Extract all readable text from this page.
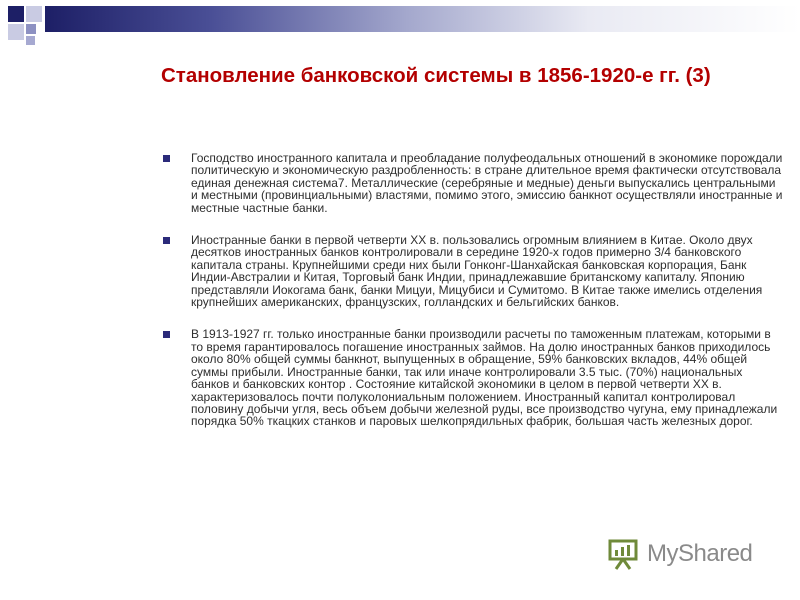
Становление банковской системы в 1856-1920-е гг. (3)
Господство иностранного капитала и преобладание полуфеодальных отношений в экономике порождали политическую и экономическую раздробленность: в стране длительное время фактически отсутствовала единая денежная система7. Металлические (серебряные и медные) деньги выпускались центральными и местными (провинциальными) властями, помимо этого, эмиссию банкнот осуществляли иностранные и местные частные банки.
Иностранные банки в первой четверти XX в. пользовались огромным влиянием в Китае. Около двух десятков иностранных банков контролировали в середине 1920-х годов примерно 3/4 банковского капитала страны. Крупнейшими среди них были Гонконг-Шанхайская банковская корпорация, Банк Индии-Австралии и Китая, Торговый банк Индии, принадлежавшие британскому капиталу. Японию представляли Иокогама банк, банки Мицуи, Мицубиси и Сумитомо. В Китае также имелись отделения крупнейших американских, французских, голландских и бельгийских банков.
В 1913-1927 гг. только иностранные банки производили расчеты по таможенным платежам, которыми в то время гарантировалось погашение иностранных займов. На долю иностранных банков приходилось около 80% общей суммы банкнот, выпущенных в обращение, 59% банковских вкладов, 44% общей суммы прибыли. Иностранные банки, так или иначе контролировали 3.5 тыс. (70%) национальных банков и банковских контор . Состояние китайской экономики в целом в первой четверти XX в. характеризовалось почти полуколониальным положением. Иностранный капитал контролировал половину добычи угля, весь объем добычи железной руды, все производство чугуна, ему принадлежали порядка 50% ткацких станков и паровых шелкопрядильных фабрик, большая часть железных дорог.
MyShared
